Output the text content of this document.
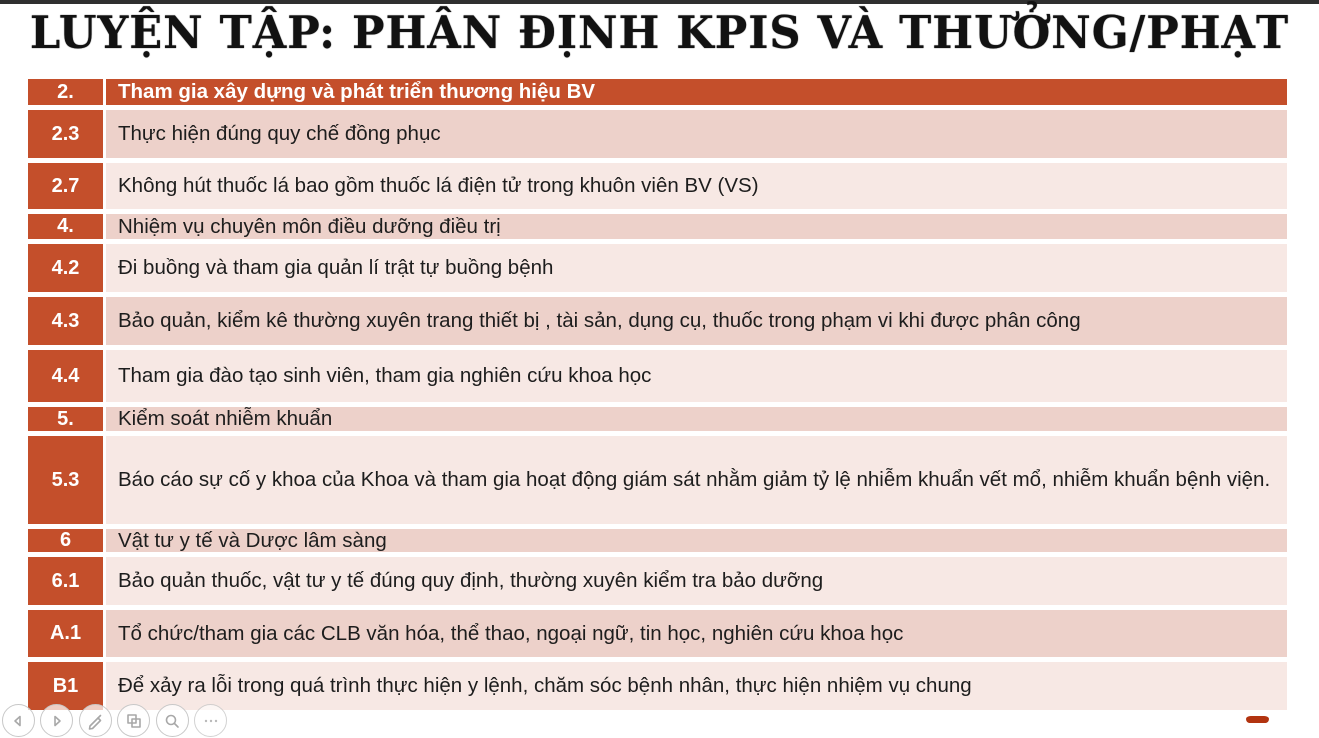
LUYỆN TẬP: PHÂN ĐỊNH KPIS VÀ THƯỞNG/PHẠT
2.	Tham gia xây dựng và phát triển thương hiệu BV
2.3	Thực hiện đúng quy chế đồng phục
2.7	Không hút thuốc lá bao gồm thuốc lá điện tử trong khuôn viên BV (VS)
4.	Nhiệm vụ chuyên môn điều dưỡng điều trị
4.2	Đi buồng và tham gia quản lí trật tự buồng bệnh
4.3	Bảo quản, kiểm kê thường xuyên trang thiết bị , tài sản, dụng cụ, thuốc trong phạm vi khi được phân công
4.4	Tham gia đào tạo sinh viên, tham gia nghiên cứu khoa học
5.	Kiểm soát nhiễm khuẩn
5.3	Báo cáo sự cố y khoa của Khoa và tham gia hoạt động giám sát nhằm giảm tỷ lệ nhiễm khuẩn vết mổ, nhiễm khuẩn bệnh viện.
6	Vật tư y tế và Dược lâm sàng
6.1	Bảo quản thuốc, vật tư y tế đúng quy định, thường xuyên kiểm tra bảo dưỡng
A.1	Tổ chức/tham gia các CLB văn hóa, thể thao, ngoại ngữ, tin học, nghiên cứu khoa học
B1	Để xảy ra lỗi trong quá trình thực hiện y lệnh, chăm sóc bệnh nhân, thực hiện nhiệm vụ chung
